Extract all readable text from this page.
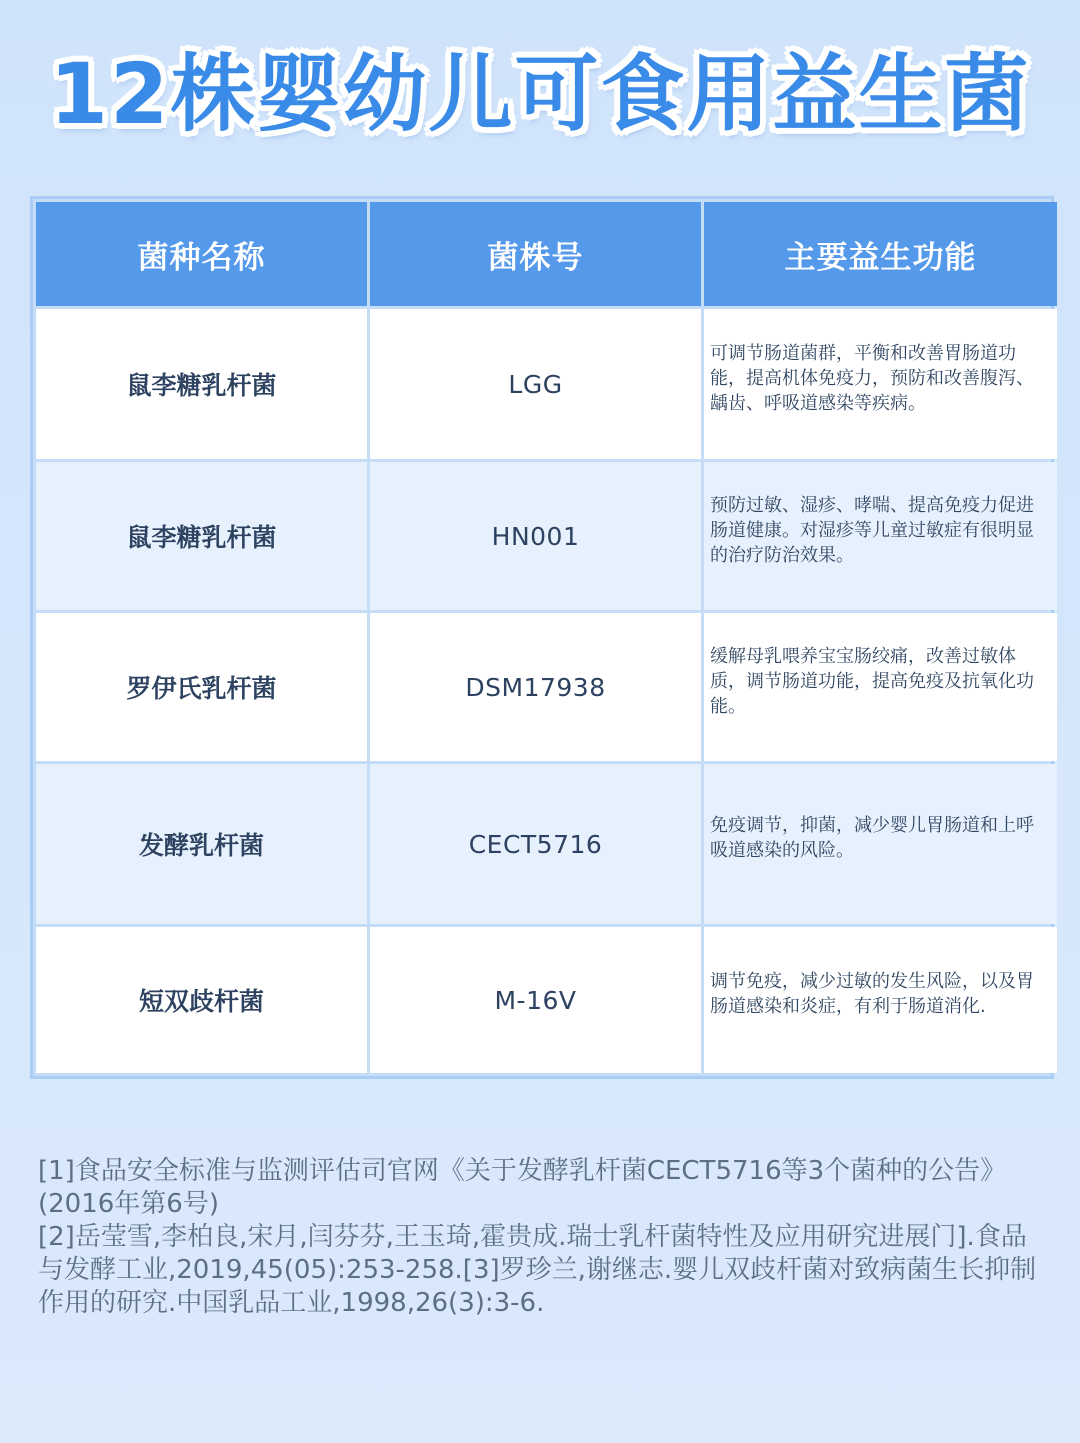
12株婴幼儿可食用益生菌
菌种名称	菌株号	主要益生功能
鼠李糖乳杆菌	LGG	可调节肠道菌群，平衡和改善胃肠道功能，提高机体免疫力，预防和改善腹泻、龋齿、呼吸道感染等疾病。
鼠李糖乳杆菌	HN001	预防过敏、湿疹、哮喘、提高免疫力促进肠道健康。对湿疹等儿童过敏症有很明显的治疗防治效果。
罗伊氏乳杆菌	DSM17938	缓解母乳喂养宝宝肠绞痛，改善过敏体质，调节肠道功能，提高免疫及抗氧化功能。
发酵乳杆菌	CECT5716	免疫调节，抑菌，减少婴儿胃肠道和上呼吸道感染的风险。
短双歧杆菌	M-16V	调节免疫，减少过敏的发生风险，以及胃肠道感染和炎症，有利于肠道消化.
[1]食品安全标准与监测评估司官网《关于发酵乳杆菌CECT5716等3个菌种的公告》(2016年第6号)
[2]岳莹雪,李柏良,宋月,闫芬芬,王玉琦,霍贵成.瑞士乳杆菌特性及应用研究进展门].食品与发酵工业,2019,45(05):253-258.[3]罗珍兰,谢继志.婴儿双歧杆菌对致病菌生长抑制作用的研究.中国乳品工业,1998,26(3):3-6.
